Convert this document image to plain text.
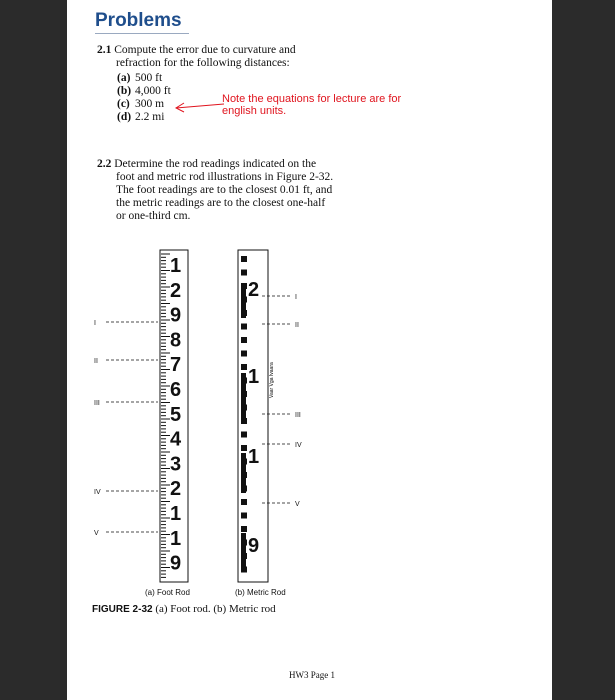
Problems
2.1 Compute the error due to curvature and
refraction for the following distances:
(a) 500 ft
(b) 4,000 ft
(c) 300 m
(d) 2.2 mi
Note the equations for lecture are for english units.
2.2 Determine the rod readings indicated on the
foot and metric rod illustrations in Figure 2-32.
The foot readings are to the closest 0.01 ft, and
the metric readings are to the closest one-half
or one-third cm.
1
2
9
8
7
6
5
4
3
2
1
1
9
I
II
III
IV
V
2
1
1
9
I
II
III
IV
V
Vaar Vga Ivaara
(a) Foot Rod	(b) Metric Rod
FIGURE 2-32 (a) Foot rod. (b) Metric rod
HW3 Page 1
